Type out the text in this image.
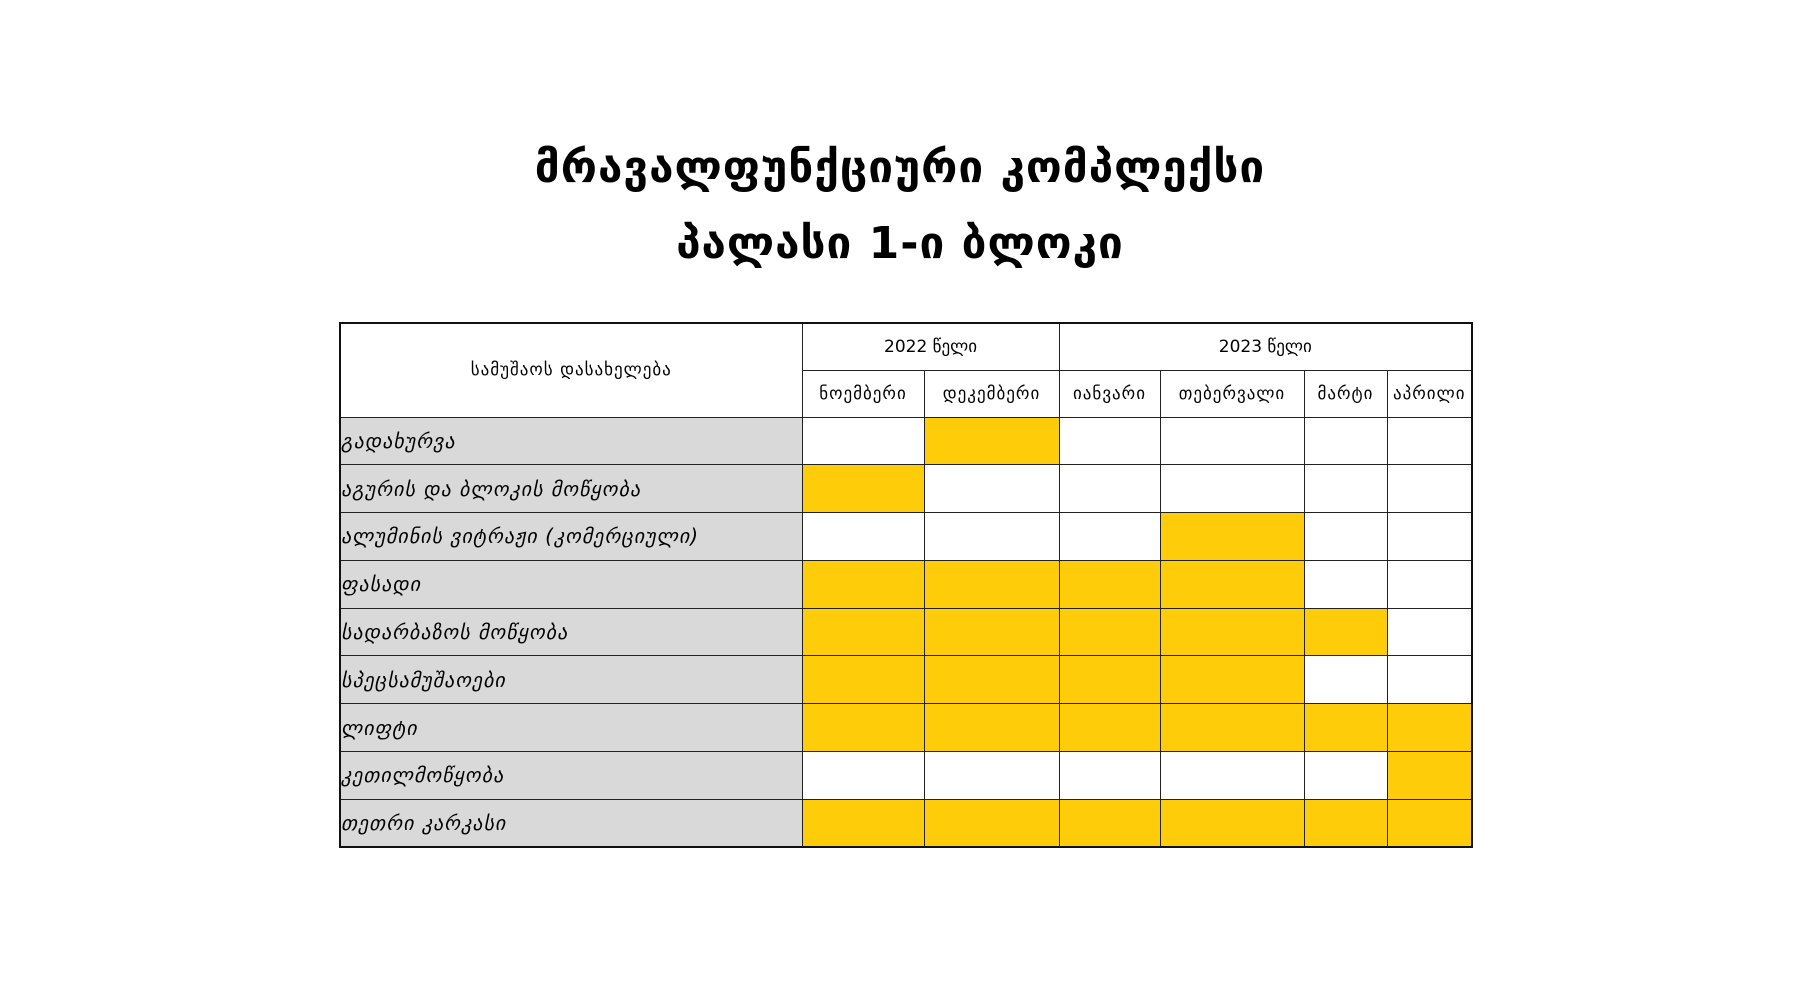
მრავალფუნქციური კომპლექსი
პალასი 1-ი ბლოკი
სამუშაოს დასახელება	2022 წელი		2023 წელი			
	ნოემბერი	დეკემბერი	იანვარი	თებერვალი	მარტი	აპრილი
გადახურვა						
აგურის და ბლოკის მოწყობა						
ალუმინის ვიტრაჟი (კომერციული)						
ფასადი						
სადარბაზოს მოწყობა						
სპეცსამუშაოები						
ლიფტი						
კეთილმოწყობა						
თეთრი კარკასი						
